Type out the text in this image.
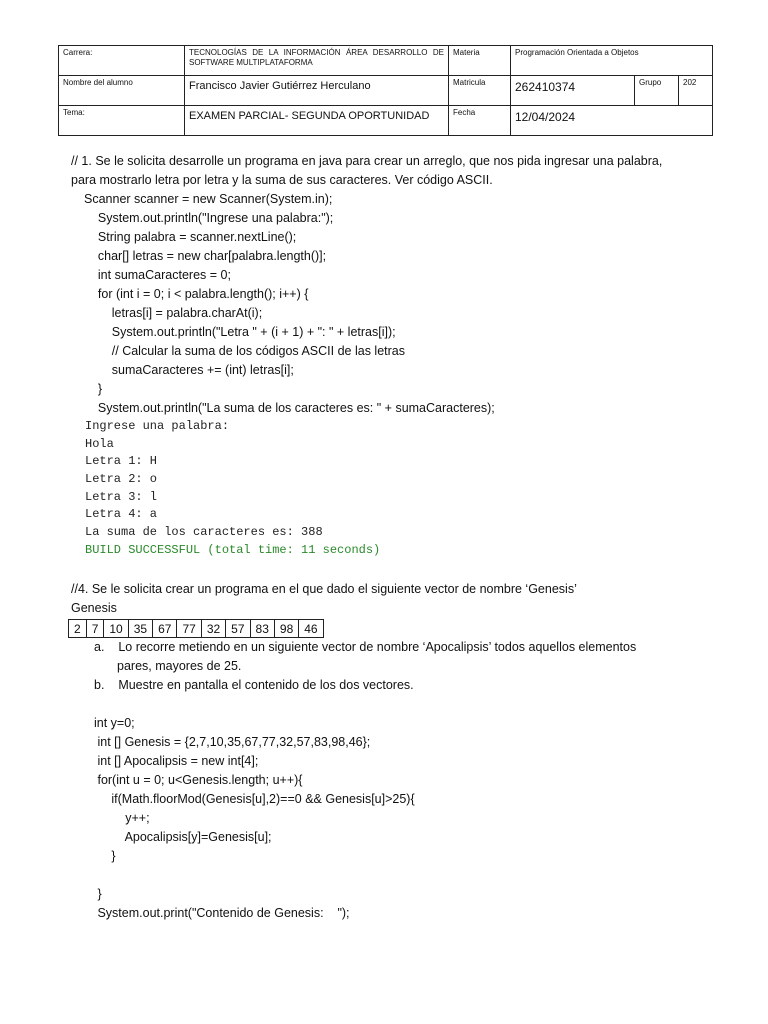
Carrera:	TECNOLOGÍAS DE LA INFORMACIÓN ÁREA DESARROLLO DE SOFTWARE MULTIPLATAFORMA	Materia	Programación Orientada a Objetos		
Nombre del alumno	Francisco Javier Gutiérrez Herculano	Matricula	262410374	Grupo	202
Tema:	EXAMEN PARCIAL- SEGUNDA OPORTUNIDAD	Fecha	12/04/2024		
// 1. Se le solicita desarrolle un programa en java para crear un arreglo, que nos pida ingresar una palabra,
para mostrarlo letra por letra y la suma de sus caracteres. Ver código ASCII.
Scanner scanner = new Scanner(System.in);
System.out.println("Ingrese una palabra:");
String palabra = scanner.nextLine();
char[] letras = new char[palabra.length()];
int sumaCaracteres = 0;
for (int i = 0; i < palabra.length(); i++) {
letras[i] = palabra.charAt(i);
System.out.println("Letra " + (i + 1) + ": " + letras[i]);
// Calcular la suma de los códigos ASCII de las letras
sumaCaracteres += (int) letras[i];
}
System.out.println("La suma de los caracteres es: " + sumaCaracteres);
Ingrese una palabra:
Hola
Letra 1: H
Letra 2: o
Letra 3: l
Letra 4: a
La suma de los caracteres es: 388
BUILD SUCCESSFUL (total time: 11 seconds)
//4. Se le solicita crear un programa en el que dado el siguiente vector de nombre ‘Genesis’
Genesis
2	7	10	35	67	77	32	57	83	98	46
a.    Lo recorre metiendo en un siguiente vector de nombre ‘Apocalipsis’ todos aquellos elementos
pares, mayores de 25.
b.    Muestre en pantalla el contenido de los dos vectores.
int y=0;
int [] Genesis = {2,7,10,35,67,77,32,57,83,98,46};
int [] Apocalipsis = new int[4];
for(int u = 0; u<Genesis.length; u++){
if(Math.floorMod(Genesis[u],2)==0 && Genesis[u]>25){
y++;
Apocalipsis[y]=Genesis[u];
}
}
System.out.print("Contenido de Genesis:    ");
